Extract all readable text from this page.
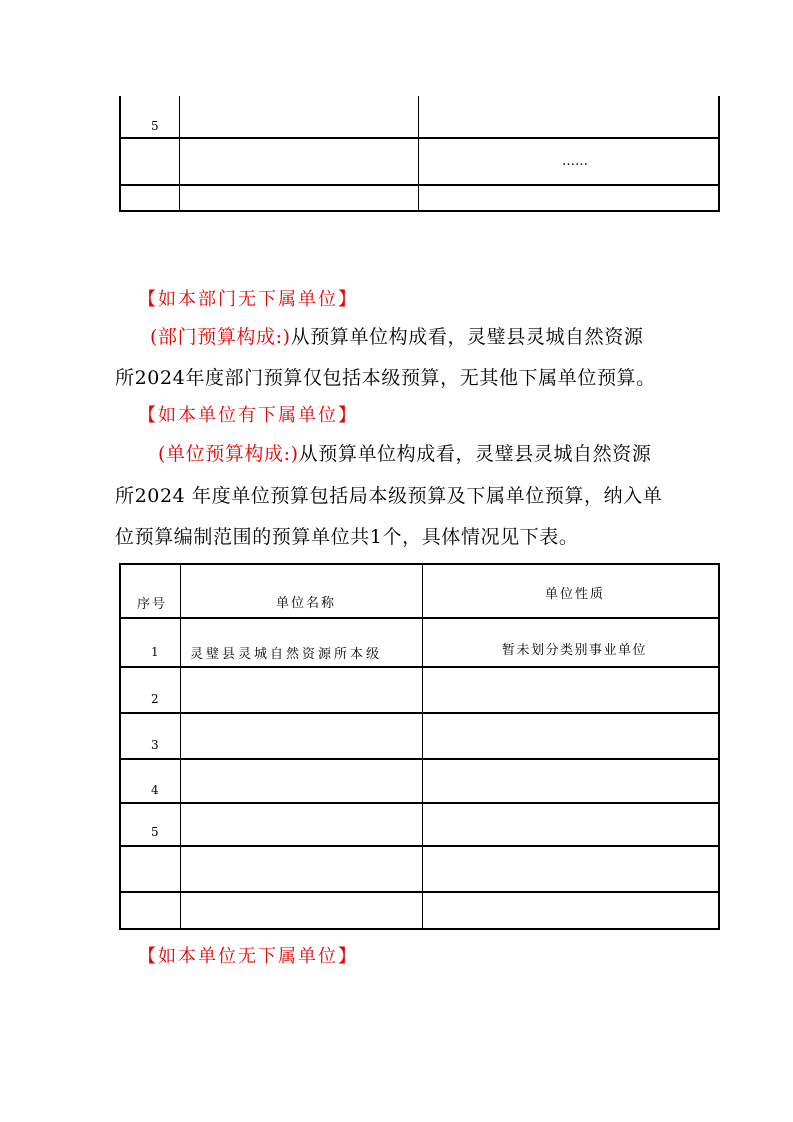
5
……
【如本部门无下属单位】
(部门预算构成:)从预算单位构成看，灵璧县灵城自然资源
所2024年度部门预算仅包括本级预算，无其他下属单位预算。
【如本单位有下属单位】
(单位预算构成:)从预算单位构成看，灵璧县灵城自然资源
所2024 年度单位预算包括局本级预算及下属单位预算，纳入单
位预算编制范围的预算单位共1个，具体情况见下表。
序号	单位名称
单位性质
1 灵璧县灵城自然资源所本级	暂未划分类别事业单位
2
3
4
5
【如本单位无下属单位】
